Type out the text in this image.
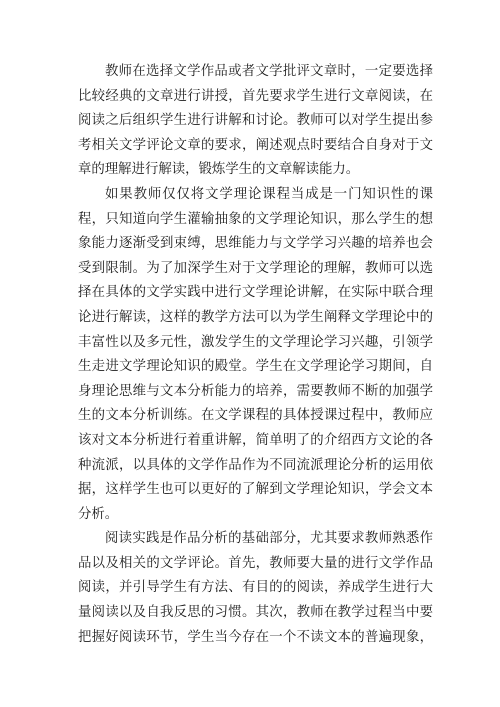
教师在选择文学作品或者文学批评文章时，一定要选择
比较经典的文章进行讲授，首先要求学生进行文章阅读，在
阅读之后组织学生进行讲解和讨论。教师可以对学生提出参
考相关文学评论文章的要求，阐述观点时要结合自身对于文
章的理解进行解读，锻炼学生的文章解读能力。
如果教师仅仅将文学理论课程当成是一门知识性的课
程，只知道向学生灌输抽象的文学理论知识，那么学生的想
象能力逐渐受到束缚，思维能力与文学学习兴趣的培养也会
受到限制。为了加深学生对于文学理论的理解，教师可以选
择在具体的文学实践中进行文学理论讲解，在实际中联合理
论进行解读，这样的教学方法可以为学生阐释文学理论中的
丰富性以及多元性，激发学生的文学理论学习兴趣，引领学
生走进文学理论知识的殿堂。学生在文学理论学习期间，自
身理论思维与文本分析能力的培养，需要教师不断的加强学
生的文本分析训练。在文学课程的具体授课过程中，教师应
该对文本分析进行着重讲解，简单明了的介绍西方文论的各
种流派，以具体的文学作品作为不同流派理论分析的运用依
据，这样学生也可以更好的了解到文学理论知识，学会文本
分析。
阅读实践是作品分析的基础部分，尤其要求教师熟悉作
品以及相关的文学评论。首先，教师要大量的进行文学作品
阅读，并引导学生有方法、有目的的阅读，养成学生进行大
量阅读以及自我反思的习惯。其次，教师在教学过程当中要
把握好阅读环节，学生当今存在一个不读文本的普遍现象，
